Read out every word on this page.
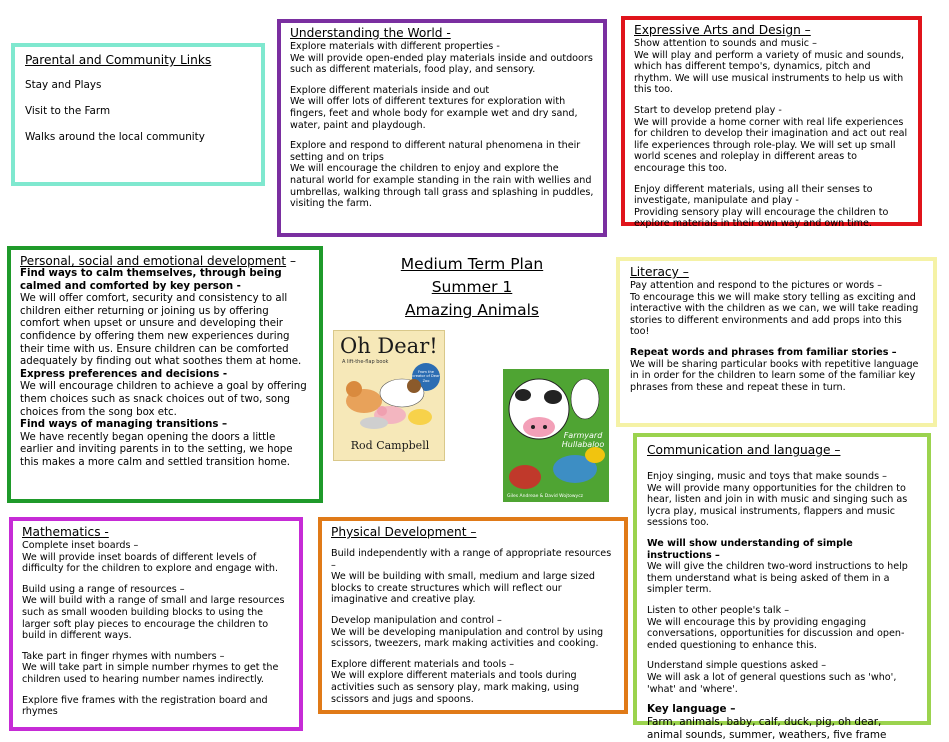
Parental and Community Links
Stay and Plays
Visit to the Farm
Walks around the local community
Understanding the World -

Explore materials with different properties -

We will provide open-ended play materials inside and outdoors such as different materials, food play, and sensory.

Explore different materials inside and out

We will offer lots of different textures for exploration with fingers, feet and whole body for example wet and dry sand, water, paint and playdough.

Explore and respond to different natural phenomena in their setting and on trips

We will encourage the children to enjoy and explore the natural world for example standing in the rain with wellies and umbrellas, walking through tall grass and splashing in puddles, visiting the farm.

Expressive Arts and Design –

Show attention to sounds and music –

We will play and perform a variety of music and sounds, which has different tempo's, dynamics, pitch and rhythm. We will use musical instruments to help us with this too.

Start to develop pretend play -

We will provide a home corner with real life experiences for children to develop their imagination and act out real life experiences through role-play. We will set up small world scenes and roleplay in different areas to encourage this too.

Enjoy different materials, using all their senses to investigate, manipulate and play -

Providing sensory play will encourage the children to explore materials in their own way and own time.

Personal, social and emotional development –

Find ways to calm themselves, through being calmed and comforted by key person -

We will offer comfort, security and consistency to all children either returning or joining us by offering comfort when upset or unsure and developing their confidence by offering them new experiences during their time with us. Ensure children can be comforted adequately by finding out what soothes them at home.

Express preferences and decisions -

We will encourage children to achieve a goal by offering them choices such as snack choices out of two, song choices from the song box etc.

Find ways of managing transitions –

We have recently began opening the doors a little earlier and inviting parents in to the setting, we hope this makes a more calm and settled transition home.

Medium Term Plan
Summer 1
Amazing Animals
Oh Dear!
A lift-the-flap book
From the creator of Dear Zoo
Rod Campbell
Farmyard Hullabaloo
Giles Andreae & David Wojtowycz
Literacy –

Pay attention and respond to the pictures or words –

To encourage this we will make story telling as exciting and interactive with the children as we can, we will take reading stories to different environments and add props into this too!

Repeat words and phrases from familiar stories –

We will be sharing particular books with repetitive language in in order for the children to learn some of the familiar key phrases from these and repeat these in turn.

Communication and language –

Enjoy singing, music and toys that make sounds –

We will provide many opportunities for the children to hear, listen and join in with music and singing such as lycra play, musical instruments, flappers and music sessions too.

We will show understanding of simple instructions –

We will give the children two-word instructions to help them understand what is being asked of them in a simpler term.

Listen to other people's talk –

We will encourage this by providing engaging conversations, opportunities for discussion and open-ended questioning to enhance this.

Understand simple questions asked –

We will ask a lot of general questions such as 'who', 'what' and 'where'.

Key language –

Farm, animals, baby, calf, duck, pig, oh dear, animal sounds, summer, weathers, five frame

Mathematics -

Complete inset boards –

We will provide inset boards of different levels of difficulty for the children to explore and engage with.

Build using a range of resources –

We will build with a range of small and large resources such as small wooden building blocks to using the larger soft play pieces to encourage the children to build in different ways.

Take part in finger rhymes with numbers –

We will take part in simple number rhymes to get the children used to hearing number names indirectly.

Explore five frames with the registration board and rhymes

Physical Development –

Build independently with a range of appropriate resources –

We will be building with small, medium and large sized blocks to create structures which will reflect our imaginative and creative play.

Develop manipulation and control –

We will be developing manipulation and control by using scissors, tweezers, mark making activities and cooking.

Explore different materials and tools –

We will explore different materials and tools during activities such as sensory play, mark making, using scissors and jugs and spoons.
